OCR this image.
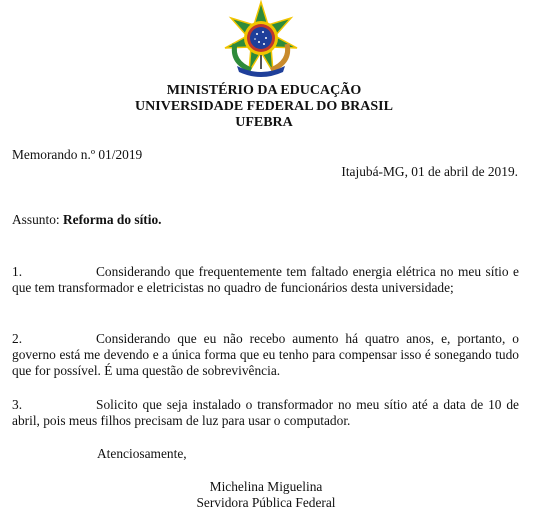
MINISTÉRIO DA EDUCAÇÃO
UNIVERSIDADE FEDERAL DO BRASIL
UFEBRA
Memorando n.º 01/2019
Itajubá-MG, 01 de abril de 2019.
Assunto: Reforma do sítio.
1.	Considerando que frequentemente tem faltado energia elétrica no meu sítio e que tem transformador e eletricistas no quadro de funcionários desta universidade;
2.	Considerando que eu não recebo aumento há quatro anos, e, portanto, o governo está me devendo e a única forma que eu tenho para compensar isso é sonegando tudo que for possível. É uma questão de sobrevivência.
3.	Solicito que seja instalado o transformador no meu sítio até a data de 10 de abril, pois meus filhos precisam de luz para usar o computador.
Atenciosamente,
Michelina Miguelina
Servidora Pública Federal
